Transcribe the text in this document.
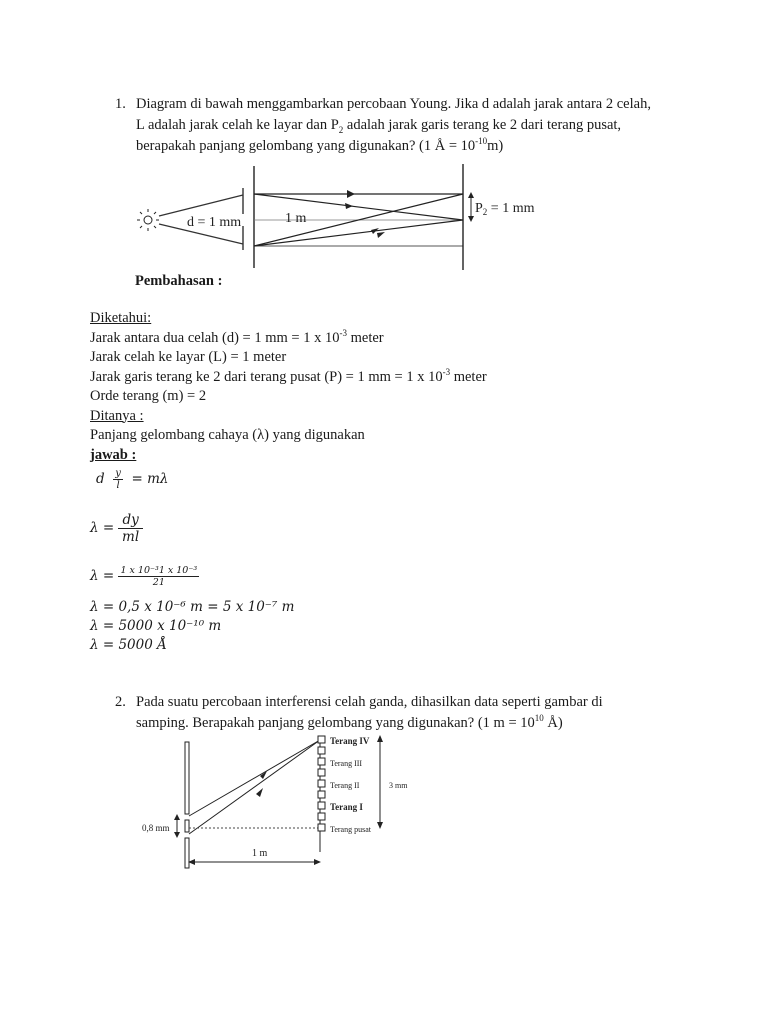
1. Diagram di bawah menggambarkan percobaan Young. Jika d adalah jarak antara 2 celah,
L adalah jarak celah ke layar dan $P_2$ adalah jarak garis terang ke 2 dari terang pusat,
berapakah panjang gelombang yang digunakan? (1 Å = $10^{-10}m$)
d = 1 mm	1 m
$P_2 = 1$ mm
Pembahasan :
Diketahui:
Jarak antara dua celah (d) = 1 mm = 1 x $10^{-3}$ meter
Jarak celah ke layar (L) = 1 meter
Jarak garis terang ke 2 dari terang pusat (P) = 1 mm = 1 x $10^{-3}$ meter
Orde terang (m) = 2
Ditanya :
Panjang gelombang cahaya (λ) yang digunakan
jawab :
d $\frac{y}{l} = m\lambda$
$\lambda = \frac{dy}{ml}$
$\lambda = \frac{\text{1 x 10⁻³1 x 10⁻³}}{21}$
λ = 0,5 x 10⁻⁶ m = 5 x 10⁻⁷ m
λ = 5000 x 10⁻¹⁰ m
λ = 5000 Å
2. Pada suatu percobaan interferensi celah ganda, dihasilkan data seperti gambar di
samping. Berapakah panjang gelombang yang digunakan? (1 $m = 10^{10}$ Å)
0,8 mm
Terang IV
Terang III
Terang II
Terang I
Terang pusat
3 mm
1 m
